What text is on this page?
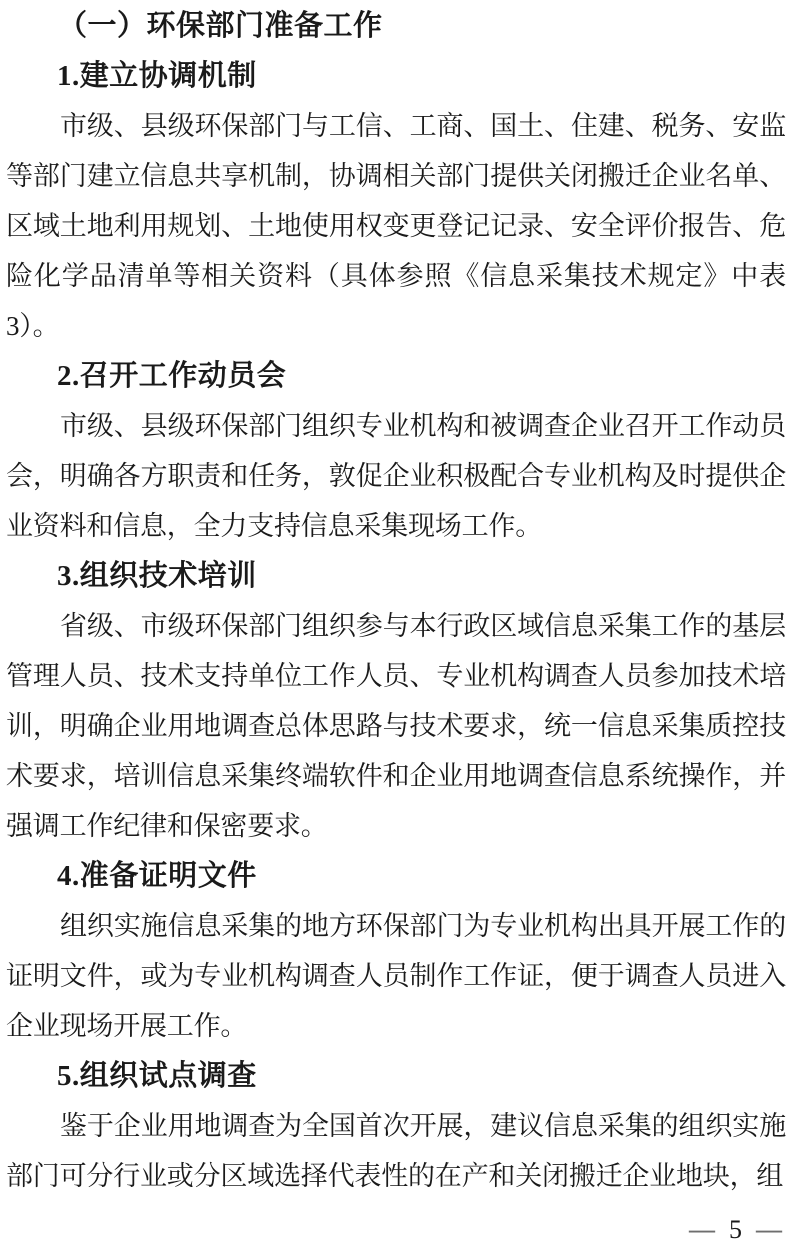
（一）环保部门准备工作
1.建立协调机制

市级、县级环保部门与工信、工商、国土、住建、税务、安监等部门建立信息共享机制，协调相关部门提供关闭搬迁企业名单、区域土地利用规划、土地使用权变更登记记录、安全评价报告、危险化学品清单等相关资料（具体参照《信息采集技术规定》中表 3）。

2.召开工作动员会

市级、县级环保部门组织专业机构和被调查企业召开工作动员会，明确各方职责和任务，敦促企业积极配合专业机构及时提供企业资料和信息，全力支持信息采集现场工作。

3.组织技术培训

省级、市级环保部门组织参与本行政区域信息采集工作的基层管理人员、技术支持单位工作人员、专业机构调查人员参加技术培训，明确企业用地调查总体思路与技术要求，统一信息采集质控技术要求，培训信息采集终端软件和企业用地调查信息系统操作，并强调工作纪律和保密要求。

4.准备证明文件

组织实施信息采集的地方环保部门为专业机构出具开展工作的证明文件，或为专业机构调查人员制作工作证，便于调查人员进入企业现场开展工作。

5.组织试点调查

鉴于企业用地调查为全国首次开展，建议信息采集的组织实施部门可分行业或分区域选择代表性的在产和关闭搬迁企业地块，组

— 5 —
